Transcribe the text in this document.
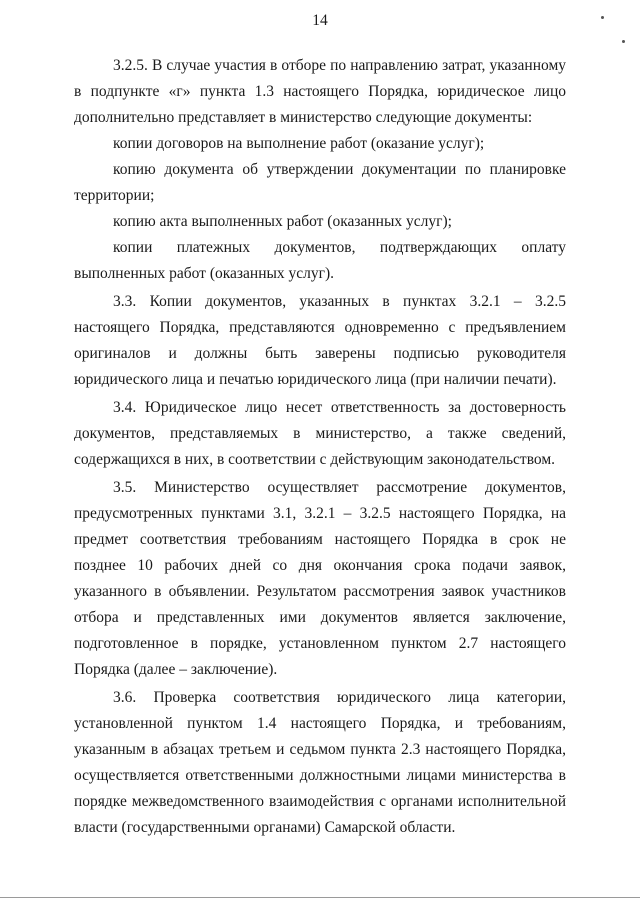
14

3.2.5. В случае участия в отборе по направлению затрат, указанному в подпункте «г» пункта 1.3 настоящего Порядка, юридическое лицо дополнительно представляет в министерство следующие документы:

копии договоров на выполнение работ (оказание услуг);

копию документа об утверждении документации по планировке территории;

копию акта выполненных работ (оказанных услуг);

копии платежных документов, подтверждающих оплату выполненных работ (оказанных услуг).

3.3. Копии документов, указанных в пунктах 3.2.1 – 3.2.5 настоящего Порядка, представляются одновременно с предъявлением оригиналов и должны быть заверены подписью руководителя юридического лица и печатью юридического лица (при наличии печати).

3.4. Юридическое лицо несет ответственность за достоверность документов, представляемых в министерство, а также сведений, содержащихся в них, в соответствии с действующим законодательством.

3.5. Министерство осуществляет рассмотрение документов, предусмотренных пунктами 3.1, 3.2.1 – 3.2.5 настоящего Порядка, на предмет соответствия требованиям настоящего Порядка в срок не позднее 10 рабочих дней со дня окончания срока подачи заявок, указанного в объявлении. Результатом рассмотрения заявок участников отбора и представленных ими документов является заключение, подготовленное в порядке, установленном пунктом 2.7 настоящего Порядка (далее – заключение).

3.6. Проверка соответствия юридического лица категории, установленной пунктом 1.4 настоящего Порядка, и требованиям, указанным в абзацах третьем и седьмом пункта 2.3 настоящего Порядка, осуществляется ответственными должностными лицами министерства в порядке межведомственного взаимодействия с органами исполнительной власти (государственными органами) Самарской области.
